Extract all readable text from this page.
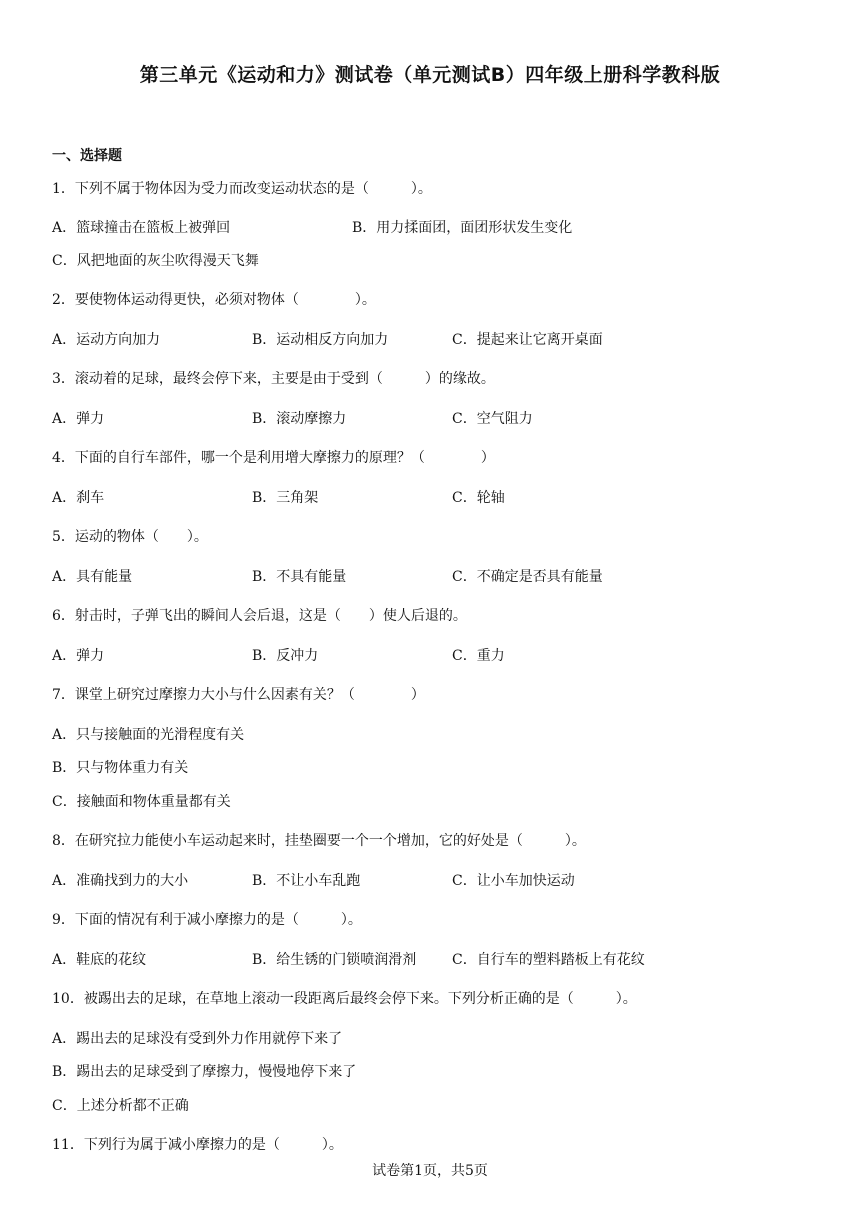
第三单元《运动和力》测试卷（单元测试B）四年级上册科学教科版
一、选择题
1．下列不属于物体因为受力而改变运动状态的是（　　　）。
A．篮球撞击在篮板上被弹回	B．用力揉面团，面团形状发生变化
C．风把地面的灰尘吹得漫天飞舞
2．要使物体运动得更快，必须对物体（　　　　）。
A．运动方向加力	B．运动相反方向加力	C．提起来让它离开桌面
3．滚动着的足球，最终会停下来，主要是由于受到（　　　）的缘故。
A．弹力	B．滚动摩擦力	C．空气阻力
4．下面的自行车部件，哪一个是利用增大摩擦力的原理？（　　　　）
A．刹车	B．三角架	C．轮轴
5．运动的物体（　　）。
A．具有能量	B．不具有能量	C．不确定是否具有能量
6．射击时，子弹飞出的瞬间人会后退，这是（　　）使人后退的。
A．弹力	B．反冲力	C．重力
7．课堂上研究过摩擦力大小与什么因素有关？（　　　　）
A．只与接触面的光滑程度有关
B．只与物体重力有关
C．接触面和物体重量都有关
8．在研究拉力能使小车运动起来时，挂垫圈要一个一个增加，它的好处是（　　　）。
A．准确找到力的大小	B．不让小车乱跑	C．让小车加快运动
9．下面的情况有利于减小摩擦力的是（　　　）。
A．鞋底的花纹	B．给生锈的门锁喷润滑剂	C．自行车的塑料踏板上有花纹
10．被踢出去的足球，在草地上滚动一段距离后最终会停下来。下列分析正确的是（　　　）。
A．踢出去的足球没有受到外力作用就停下来了
B．踢出去的足球受到了摩擦力，慢慢地停下来了
C．上述分析都不正确
11．下列行为属于减小摩擦力的是（　　　）。
试卷第1页，共5页
